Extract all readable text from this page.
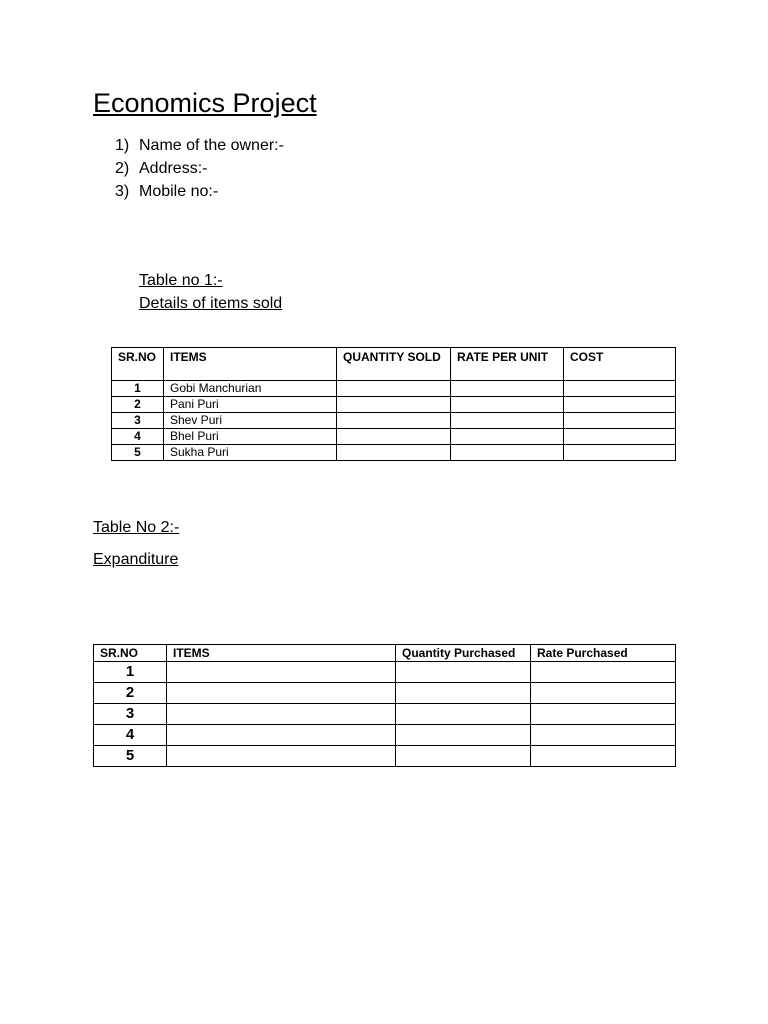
Economics Project
1) Name of the owner:-
2) Address:-
3) Mobile no:-
Table no 1:-
Details of items sold
SR.NO	ITEMS	QUANTITY SOLD	RATE PER UNIT	COST
1	Gobi Manchurian			
2	Pani Puri			
3	Shev Puri			
4	Bhel Puri			
5	Sukha Puri			
Table No 2:-
Expanditure
SR.NO	ITEMS	Quantity Purchased	Rate Purchased
1			
2			
3			
4			
5			
